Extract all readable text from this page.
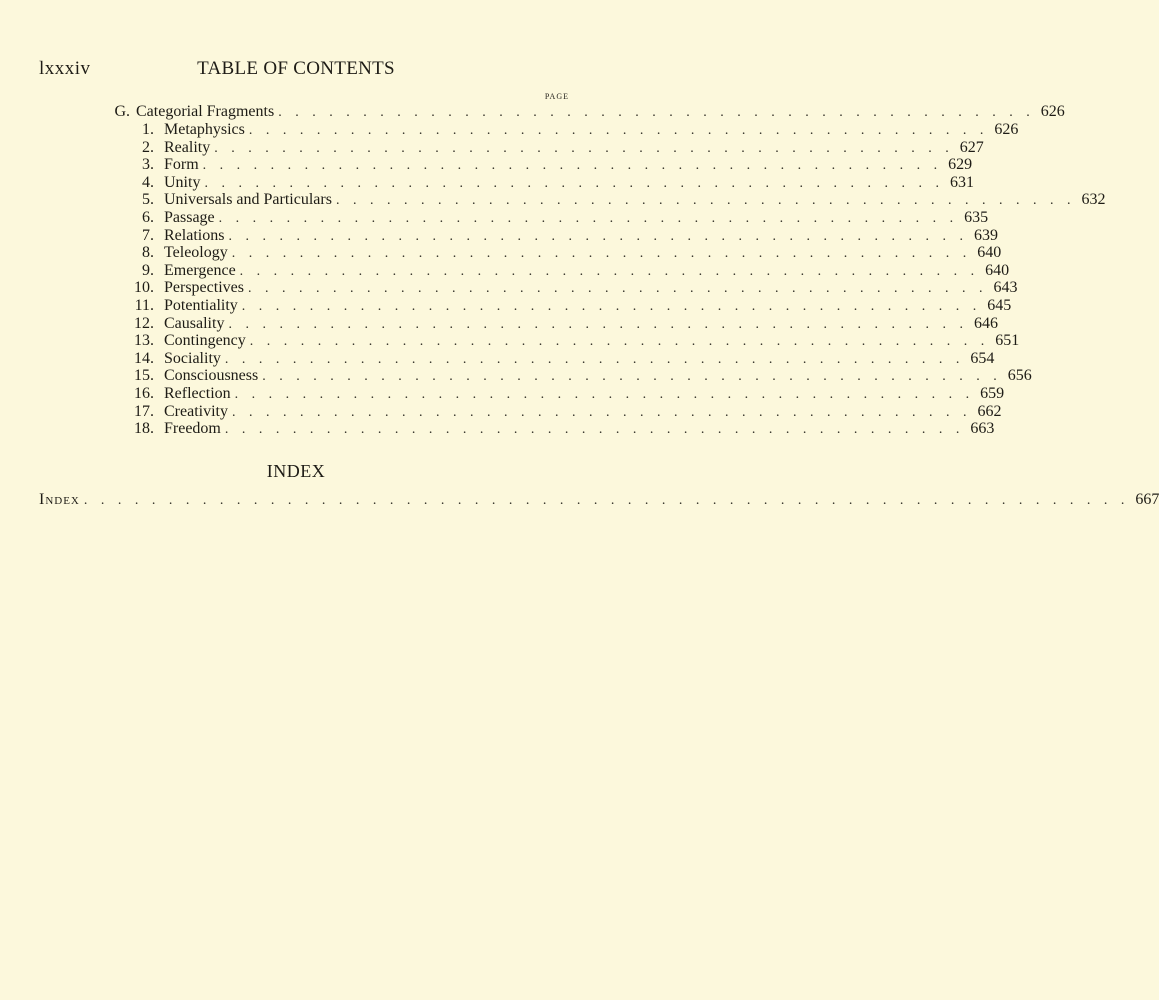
lxxxiv	TABLE OF CONTENTS
PAGE
G. Categorial Fragments . . . . . . . . . . . . . . . . . . . . . . . . . . . . . . . . . . . . . . . . . . . . . 626
1. Metaphysics . . . . . . . . . . . . . . . . . . . . . . . . . . . . . . . . . . . . . . . . . . . . 626
2. Reality . . . . . . . . . . . . . . . . . . . . . . . . . . . . . . . . . . . . . . . . . . . . 627
3. Form . . . . . . . . . . . . . . . . . . . . . . . . . . . . . . . . . . . . . . . . . . . . 629
4. Unity . . . . . . . . . . . . . . . . . . . . . . . . . . . . . . . . . . . . . . . . . . . . 631
5. Universals and Particulars . . . . . . . . . . . . . . . . . . . . . . . . . . . . . . . . . . . . . . . . . . . . 632
6. Passage . . . . . . . . . . . . . . . . . . . . . . . . . . . . . . . . . . . . . . . . . . . . 635
7. Relations . . . . . . . . . . . . . . . . . . . . . . . . . . . . . . . . . . . . . . . . . . . . 639
8. Teleology . . . . . . . . . . . . . . . . . . . . . . . . . . . . . . . . . . . . . . . . . . . . 640
9. Emergence . . . . . . . . . . . . . . . . . . . . . . . . . . . . . . . . . . . . . . . . . . . . 640
10. Perspectives . . . . . . . . . . . . . . . . . . . . . . . . . . . . . . . . . . . . . . . . . . . . 643
11. Potentiality . . . . . . . . . . . . . . . . . . . . . . . . . . . . . . . . . . . . . . . . . . . . 645
12. Causality . . . . . . . . . . . . . . . . . . . . . . . . . . . . . . . . . . . . . . . . . . . . 646
13. Contingency . . . . . . . . . . . . . . . . . . . . . . . . . . . . . . . . . . . . . . . . . . . . 651
14. Sociality . . . . . . . . . . . . . . . . . . . . . . . . . . . . . . . . . . . . . . . . . . . . 654
15. Consciousness . . . . . . . . . . . . . . . . . . . . . . . . . . . . . . . . . . . . . . . . . . . . 656
16. Reflection . . . . . . . . . . . . . . . . . . . . . . . . . . . . . . . . . . . . . . . . . . . . 659
17. Creativity . . . . . . . . . . . . . . . . . . . . . . . . . . . . . . . . . . . . . . . . . . . . 662
18. Freedom . . . . . . . . . . . . . . . . . . . . . . . . . . . . . . . . . . . . . . . . . . . . 663
INDEX
Index . . . . . . . . . . . . . . . . . . . . . . . . . . . . . . . . . . . . . . . . . . . . . . . . . . . . . . . . . . . . . . 667
